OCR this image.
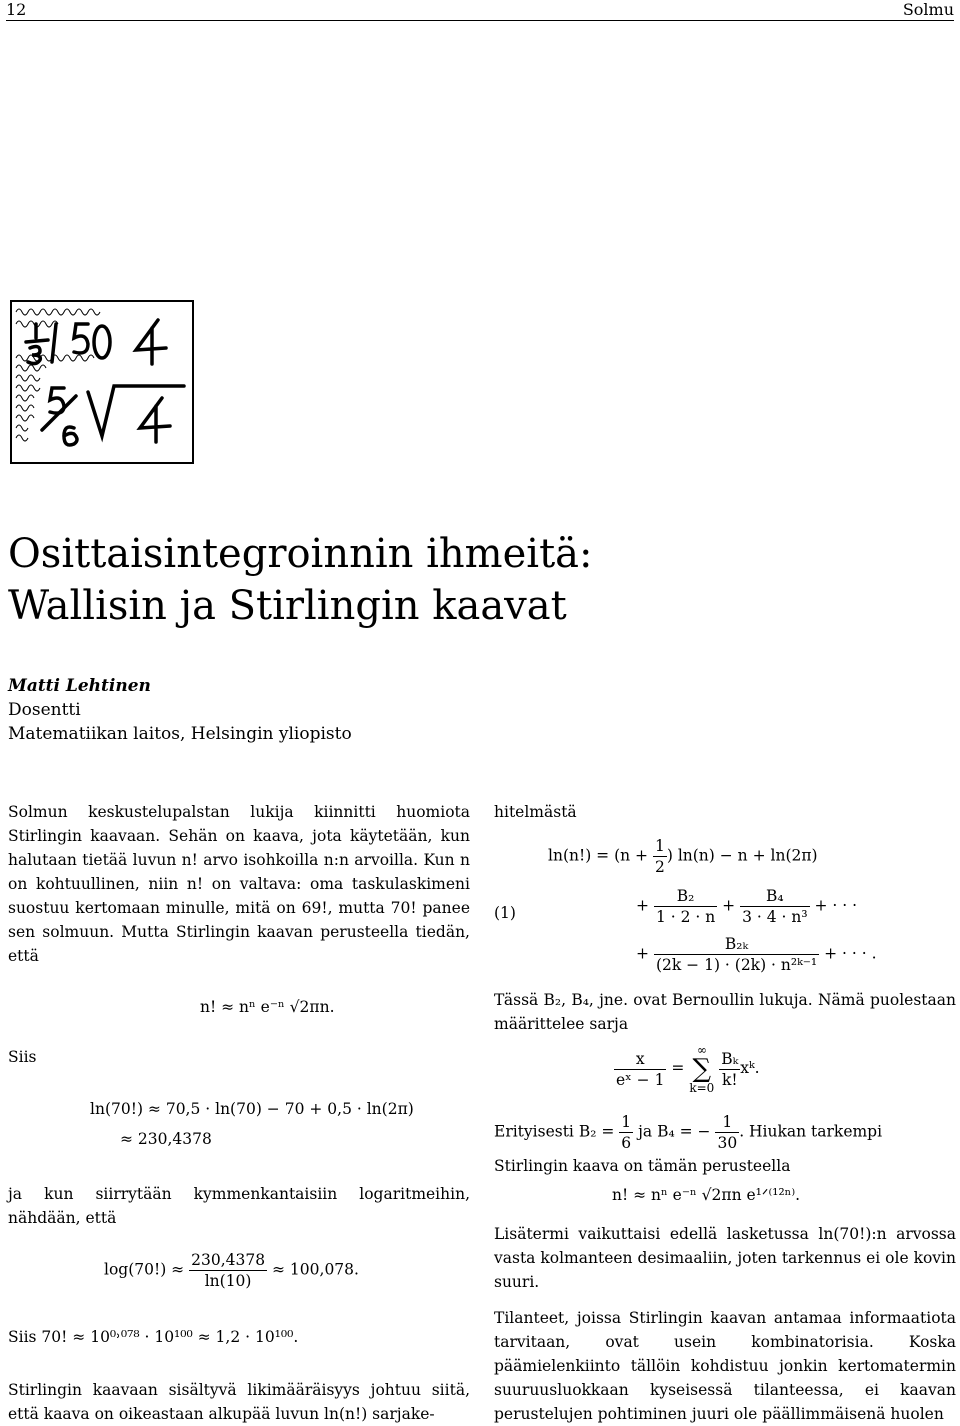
12	Solmu
Osittaisintegroinnin ihmeitä:
Wallisin ja Stirlingin kaavat
Matti Lehtinen
Dosentti
Matematiikan laitos, Helsingin yliopisto
Solmun keskustelupalstan lukija kiinnitti huomiota Stirlingin kaavaan. Sehän on kaava, jota käytetään, kun halutaan tietää luvun n! arvo isohkoilla n:n arvoilla. Kun n on kohtuullinen, niin n! on valtava: oma taskulaskimeni suostuu kertomaan minulle, mitä on 69!, mutta 70! panee sen solmuun. Mutta Stirlingin kaavan perusteella tiedän, että
n! ≈ nⁿ e⁻ⁿ √2πn.
Siis
ln(70!) ≈ 70,5 · ln(70) − 70 + 0,5 · ln(2π)
≈ 230,4378
ja kun siirrytään kymmenkantaisiin logaritmeihin, nähdään, että
$\log(70!) \approx \frac{230,4378}{\ln(10)} \approx 100,078$.
Siis 70! ≈ 10⁰˒⁰⁷⁸ · 10¹⁰⁰ ≈ 1,2 · 10¹⁰⁰.
Stirlingin kaavaan sisältyvä likimääräisyys johtuu siitä, että kaava on oikeastaan alkupää luvun ln(n!) sarjake-
hitelmästä
$\ln(n!) = (n + \frac{1}{2}$ ) ln(n) − n + ln(2π)
(1)	+ $\frac{\text{B₂}}{1 \cdot 2 \cdot n} + \frac{\text{B₄}}{\text{3 · 4 · n³}}$ + · · ·
+ $\frac{\text{B₂ₖ}}{\text{(2k − 1) · (2k) · n²ᵏ⁻¹}}$ + · · · .
Tässä B₂, B₄, jne. ovat Bernoullin lukuja. Nämä puolestaan määrittelee sarja
$\frac{x}{\text{eˣ − 1}}$ =
∞
∑
k=0
$\frac{\text{Bₖ}}{k!}$ xᵏ.
Erityisesti $B_2 = \frac{1}{6}$ ja B₄ = − $\frac{1}{30}$ . Hiukan tarkempi
Stirlingin kaava on tämän perusteella
n! ≈ nⁿ e⁻ⁿ √2πn e¹ᐟ⁽¹²ⁿ⁾.
Lisätermi vaikuttaisi edellä lasketussa ln(70!):n arvossa vasta kolmanteen desimaaliin, joten tarkennus ei ole kovin suuri.
Tilanteet, joissa Stirlingin kaavan antamaa informaatiota tarvitaan, ovat usein kombinatorisia. Koska päämielenkiinto tällöin kohdistuu jonkin kertomatermin suuruusluokkaan kyseisessä tilanteessa, ei kaavan perustelujen pohtiminen juuri ole päällimmäisenä huolen
